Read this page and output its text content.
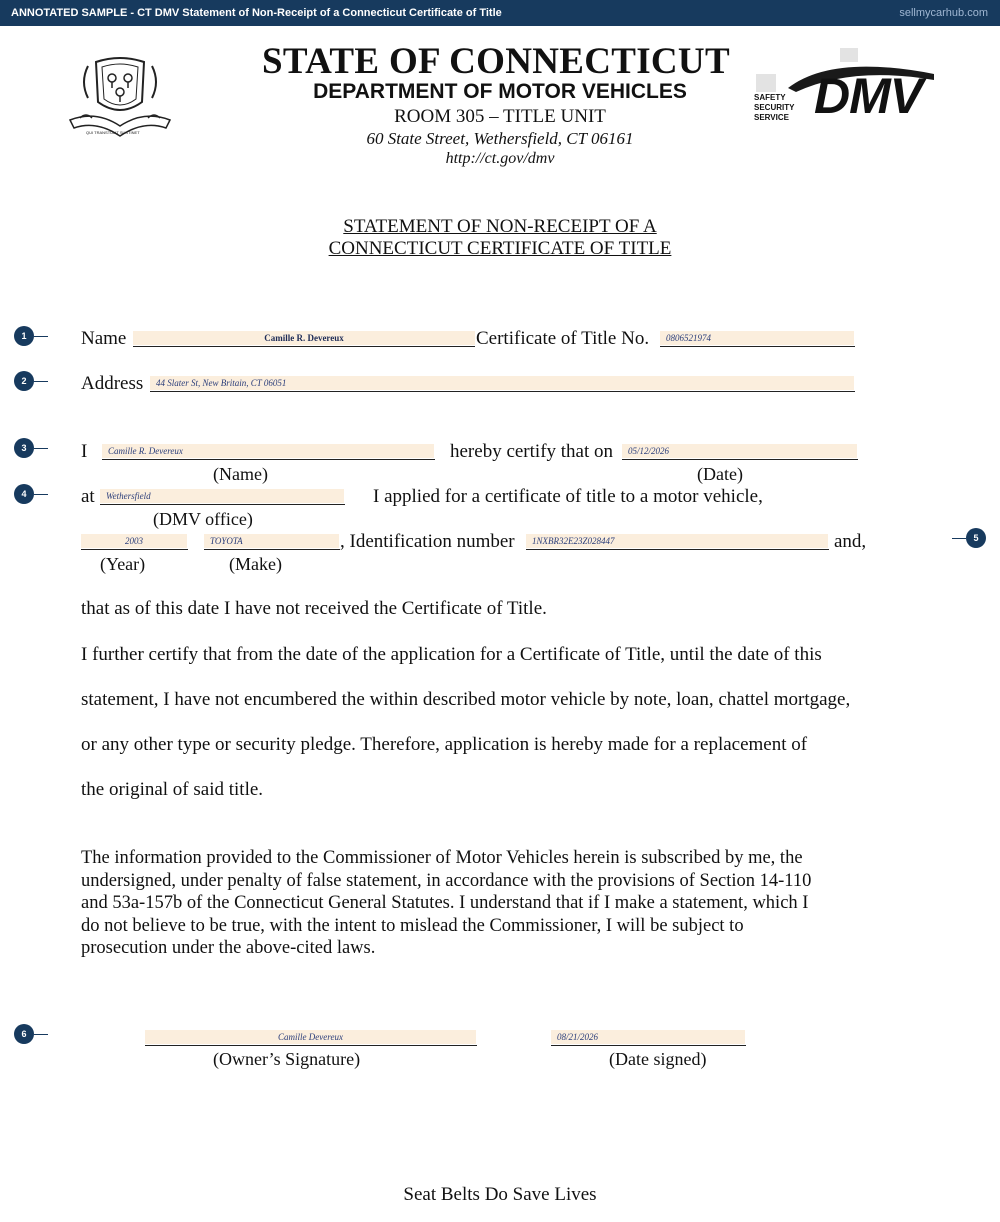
ANNOTATED SAMPLE - CT DMV Statement of Non-Receipt of a Connecticut Certificate of Title	sellmycarhub.com
QUI TRANSTULIT SUSTINET
STATE OF CONNECTICUT
DEPARTMENT OF MOTOR VEHICLES
ROOM 305 – TITLE UNIT
60 State Street, Wethersfield, CT 06161
http://ct.gov/dmv
SAFETY
SECURITY
SERVICE DMV
STATEMENT OF NON-RECEIPT OF A
CONNECTICUT CERTIFICATE OF TITLE
1
2
3
4
5
6
Name	Camille R. Devereux	Certificate of Title No.	0806521974
Address	44 Slater St, New Britain, CT 06051
I	Camille R. Devereux	hereby certify that on	05/12/2026
(Name)	(Date)
at	Wethersfield	I applied for a certificate of title to a motor vehicle,
(DMV office)
2003	TOYOTA	, Identification number	1NXBR32E23Z028447	and,
(Year)	(Make)
that as of this date I have not received the Certificate of Title.
I further certify that from the date of the application for a Certificate of Title, until the date of this
statement, I have not encumbered the within described motor vehicle by note, loan, chattel mortgage,
or any other type or security pledge. Therefore, application is hereby made for a replacement of
the original of said title.
The information provided to the Commissioner of Motor Vehicles herein is subscribed by me, the
undersigned, under penalty of false statement, in accordance with the provisions of Section 14-110
and 53a-157b of the Connecticut General Statutes. I understand that if I make a statement, which I
do not believe to be true, with the intent to mislead the Commissioner, I will be subject to
prosecution under the above-cited laws.
Camille Devereux	08/21/2026
(Owner’s Signature)	(Date signed)
Seat Belts Do Save Lives
